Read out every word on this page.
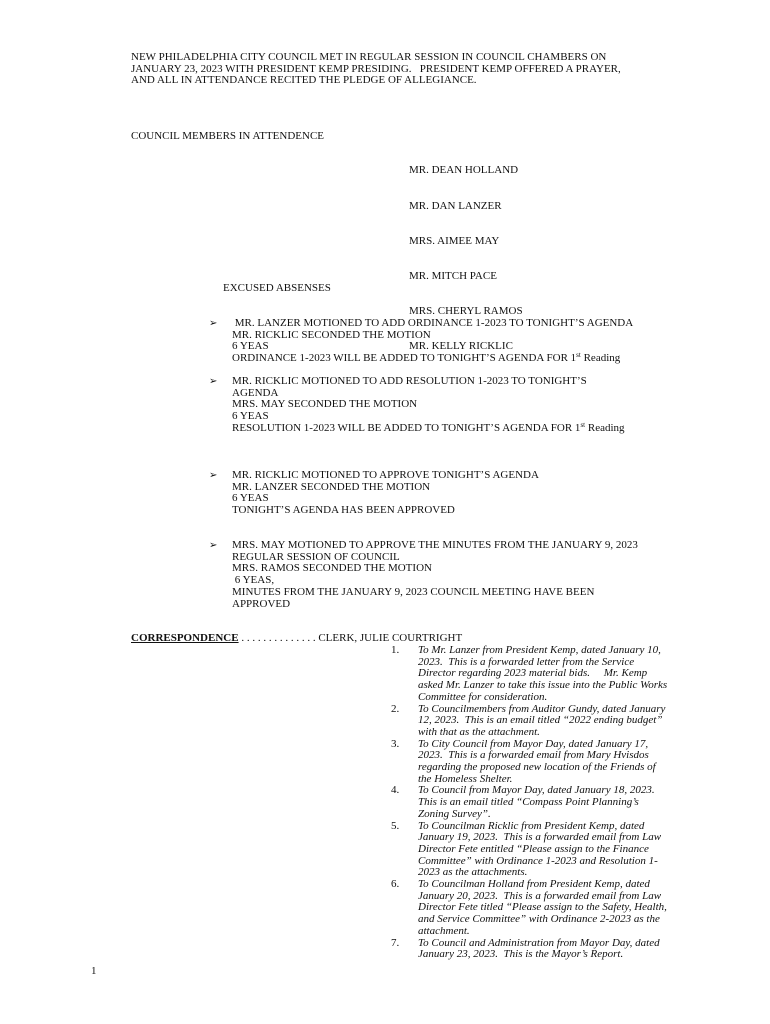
NEW PHILADELPHIA CITY COUNCIL MET IN REGULAR SESSION IN COUNCIL CHAMBERS ON
JANUARY 23, 2023 WITH PRESIDENT KEMP PRESIDING.   PRESIDENT KEMP OFFERED A PRAYER,
AND ALL IN ATTENDANCE RECITED THE PLEDGE OF ALLEGIANCE.
COUNCIL MEMBERS IN ATTENDENCE

MR. DEAN HOLLAND

MR. DAN LANZER

MRS. AIMEE MAY

MR. MITCH PACE

MRS. CHERYL RAMOS

MR. KELLY RICKLIC

EXCUSED ABSENSES
➢ MR. LANZER MOTIONED TO ADD ORDINANCE 1-2023 TO TONIGHT’S AGENDA
MR. RICKLIC SECONDED THE MOTION
6 YEAS
ORDINANCE 1-2023 WILL BE ADDED TO TONIGHT’S AGENDA FOR 1st Reading
➢ MR. RICKLIC MOTIONED TO ADD RESOLUTION 1-2023 TO TONIGHT’S
AGENDA
MRS. MAY SECONDED THE MOTION
6 YEAS
RESOLUTION 1-2023 WILL BE ADDED TO TONIGHT’S AGENDA FOR 1st Reading
➢ MR. RICKLIC MOTIONED TO APPROVE TONIGHT’S AGENDA
MR. LANZER SECONDED THE MOTION
6 YEAS
TONIGHT’S AGENDA HAS BEEN APPROVED
➢ MRS. MAY MOTIONED TO APPROVE THE MINUTES FROM THE JANUARY 9, 2023
REGULAR SESSION OF COUNCIL
MRS. RAMOS SECONDED THE MOTION
6 YEAS,
MINUTES FROM THE JANUARY 9, 2023 COUNCIL MEETING HAVE BEEN
APPROVED
CORRESPONDENCE . . . . . . . . . . . . . . CLERK, JULIE COURTRIGHT
1.	To Mr. Lanzer from President Kemp, dated January 10,
2023.  This is a forwarded letter from the Service
Director regarding 2023 material bids.     Mr. Kemp
asked Mr. Lanzer to take this issue into the Public Works
Committee for consideration.
2.	To Councilmembers from Auditor Gundy, dated January
12, 2023.  This is an email titled “2022 ending budget”
with that as the attachment.
3.	To City Council from Mayor Day, dated January 17,
2023.  This is a forwarded email from Mary Hvisdos
regarding the proposed new location of the Friends of
the Homeless Shelter.
4.	To Council from Mayor Day, dated January 18, 2023.
This is an email titled “Compass Point Planning’s
Zoning Survey”.
5.	To Councilman Ricklic from President Kemp, dated
January 19, 2023.  This is a forwarded email from Law
Director Fete entitled “Please assign to the Finance
Committee” with Ordinance 1-2023 and Resolution 1-
2023 as the attachments.
6.	To Councilman Holland from President Kemp, dated
January 20, 2023.  This is a forwarded email from Law
Director Fete titled “Please assign to the Safety, Health,
and Service Committee” with Ordinance 2-2023 as the
attachment.
7.	To Council and Administration from Mayor Day, dated
January 23, 2023.  This is the Mayor’s Report.
1
